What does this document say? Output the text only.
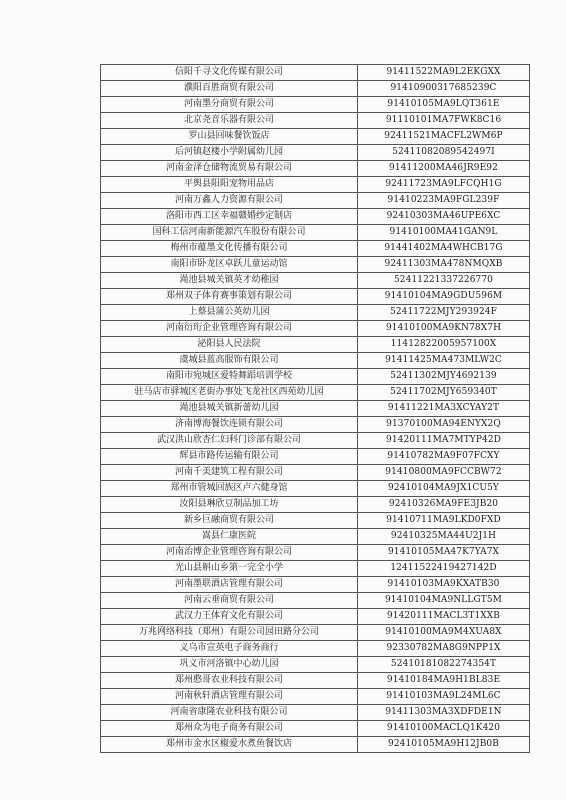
信阳千寻文化传媒有限公司	91411522MA9L2EKGXX
濮阳百胜商贸有限公司	91410900317685239C
河南墨分商贸有限公司	91410105MA9LQT361E
北京尧音乐器有限公司	91110101MA7FWK8C16
罗山县回味餐饮饭店	92411521MACFL2WM6P
后河镇赵楼小学附属幼儿园	52411082089542497I
河南金泽仓储物流贸易有限公司	91411200MA46JR9E92
平舆县阳阳宠物用品店	92411723MA9LFCQH1G
河南万鑫人力资源有限公司	91410223MA9FGL239F
洛阳市西工区幸福赣婚纱定制店	92410303MA46UPE6XC
国科工信河南新能源汽车股份有限公司	91410100MA41GAN9L
梅州市蕴墨文化传播有限公司	91441402MA4WHCB17G
南阳市卧龙区卓跃儿童运动馆	92411303MA478NMQXB
渑池县城关镇英才幼稚园	52411221337226770
郑州双子体育赛事策划有限公司	91410104MA9GDU596M
上蔡县蒲公英幼儿园	52411722MJY293924F
河南衍珩企业管理咨询有限公司	91410100MA9KN78X7H
泌阳县人民法院	11412822005957100X
虞城县蓝高服饰有限公司	91411425MA473MLW2C
南阳市宛城区爱特舞蹈培训学校	52411302MJY4692139
驻马店市驿城区老街办事处飞龙社区西苑幼儿园	52411702MJY659340T
渑池县城关镇新蕾幼儿园	91411221MA3XCYAY2T
济南博海餐饮连锁有限公司	91370100MA94ENYX2Q
武汉洪山欣杏仁妇科门诊部有限公司	91420111MA7MTYP42D
辉县市路传运输有限公司	91410782MA9F07FCXY
河南千美建筑工程有限公司	91410800MA9FCCBW72
郑州市管城回族区卢六健身馆	92410104MA9JX1CU5Y
汝阳县琳欣豆制品加工坊	92410326MA9FE3JB20
新乡巨融商贸有限公司	91410711MA9LKD0FXD
嵩县仁康医院	92410325MA44U2J1H
河南治博企业管理咨询有限公司	91410105MA47K7YA7X
光山县斛山乡第一完全小学	12411522419427142D
河南墨联酒店管理有限公司	91410103MA9KXATB30
河南云垂商贸有限公司	91410104MA9NLLGT5M
武汉力王体育文化有限公司	91420111MACL3T1XXB
万兆网络科技（郑州）有限公司园田路分公司	91410100MA9M4XUA8X
义乌市宣英电子商务商行	92330782MA8G9NPP1X
巩义市河洛镇中心幼儿园	52410181082274354T
郑州憨哥农业科技有限公司	91410184MA9H1BL83E
河南秋轩酒店管理有限公司	91410103MA9L24ML6C
河南省康隆农业科技有限公司	91411303MA3XDFDE1N
郑州众为电子商务有限公司	91410100MACLQ1K420
郑州市金水区椒爱水煮鱼餐饮店	92410105MA9H12JB0B
